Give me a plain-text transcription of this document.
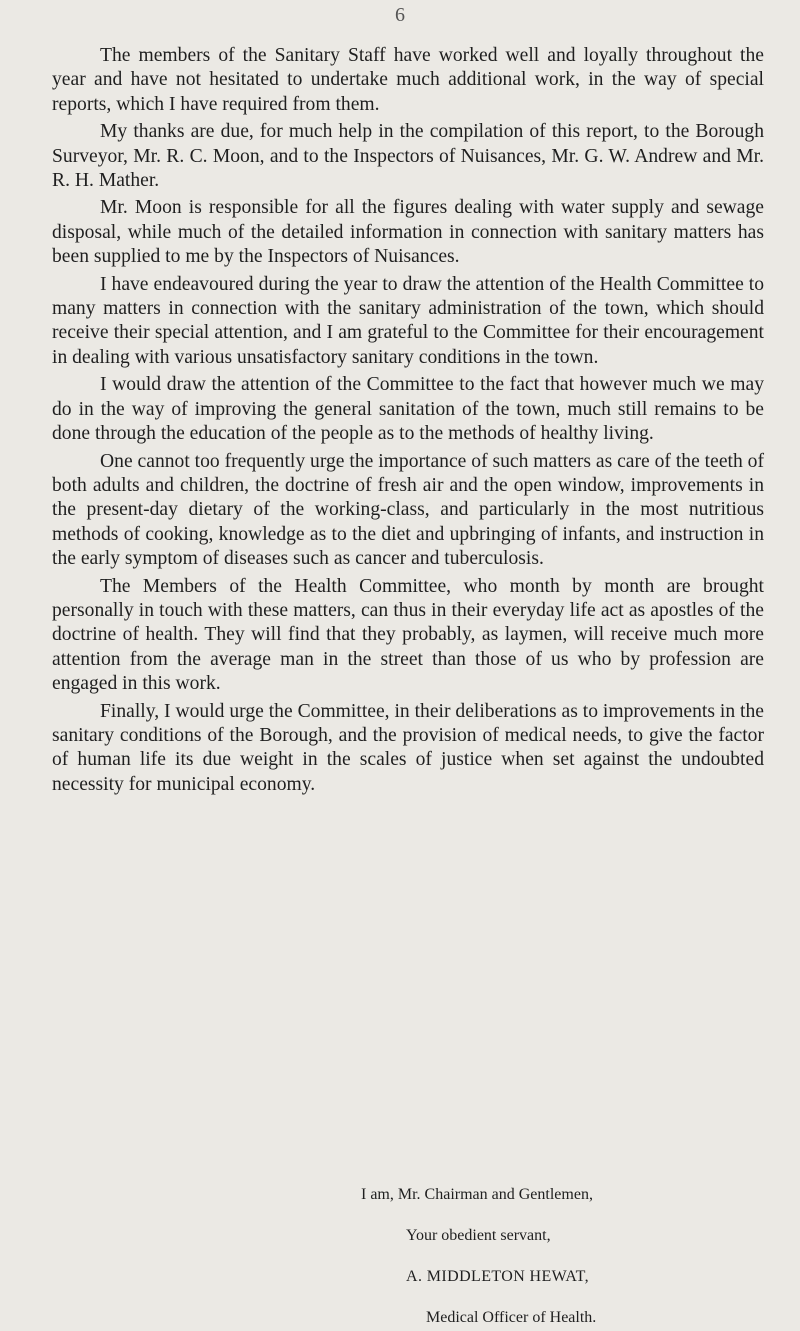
6

The members of the Sanitary Staff have worked well and loyally throughout the year and have not hesitated to undertake much additional work, in the way of special reports, which I have required from them.

My thanks are due, for much help in the compilation of this report, to the Borough Surveyor, Mr. R. C. Moon, and to the Inspectors of Nuisances, Mr. G. W. Andrew and Mr. R. H. Mather.

Mr. Moon is responsible for all the figures dealing with water supply and sewage disposal, while much of the detailed information in connection with sanitary matters has been supplied to me by the Inspectors of Nuisances.

I have endeavoured during the year to draw the attention of the Health Committee to many matters in connection with the sanitary administration of the town, which should receive their special attention, and I am grateful to the Committee for their encouragement in dealing with various unsatisfactory sanitary conditions in the town.

I would draw the attention of the Committee to the fact that however much we may do in the way of improving the general sanitation of the town, much still remains to be done through the education of the people as to the methods of healthy living.

One cannot too frequently urge the importance of such matters as care of the teeth of both adults and children, the doctrine of fresh air and the open window, improvements in the present-day dietary of the working-class, and particularly in the most nutritious methods of cooking, knowledge as to the diet and upbringing of infants, and instruction in the early symptom of diseases such as cancer and tuberculosis.

The Members of the Health Committee, who month by month are brought personally in touch with these matters, can thus in their everyday life act as apostles of the doctrine of health. They will find that they probably, as laymen, will receive much more attention from the average man in the street than those of us who by profession are engaged in this work.

Finally, I would urge the Committee, in their deliberations as to improvements in the sanitary conditions of the Borough, and the provision of medical needs, to give the factor of human life its due weight in the scales of justice when set against the undoubted necessity for municipal economy.

I am, Mr. Chairman and Gentlemen,
Your obedient servant,
A. MIDDLETON HEWAT,
Medical Officer of Health.
